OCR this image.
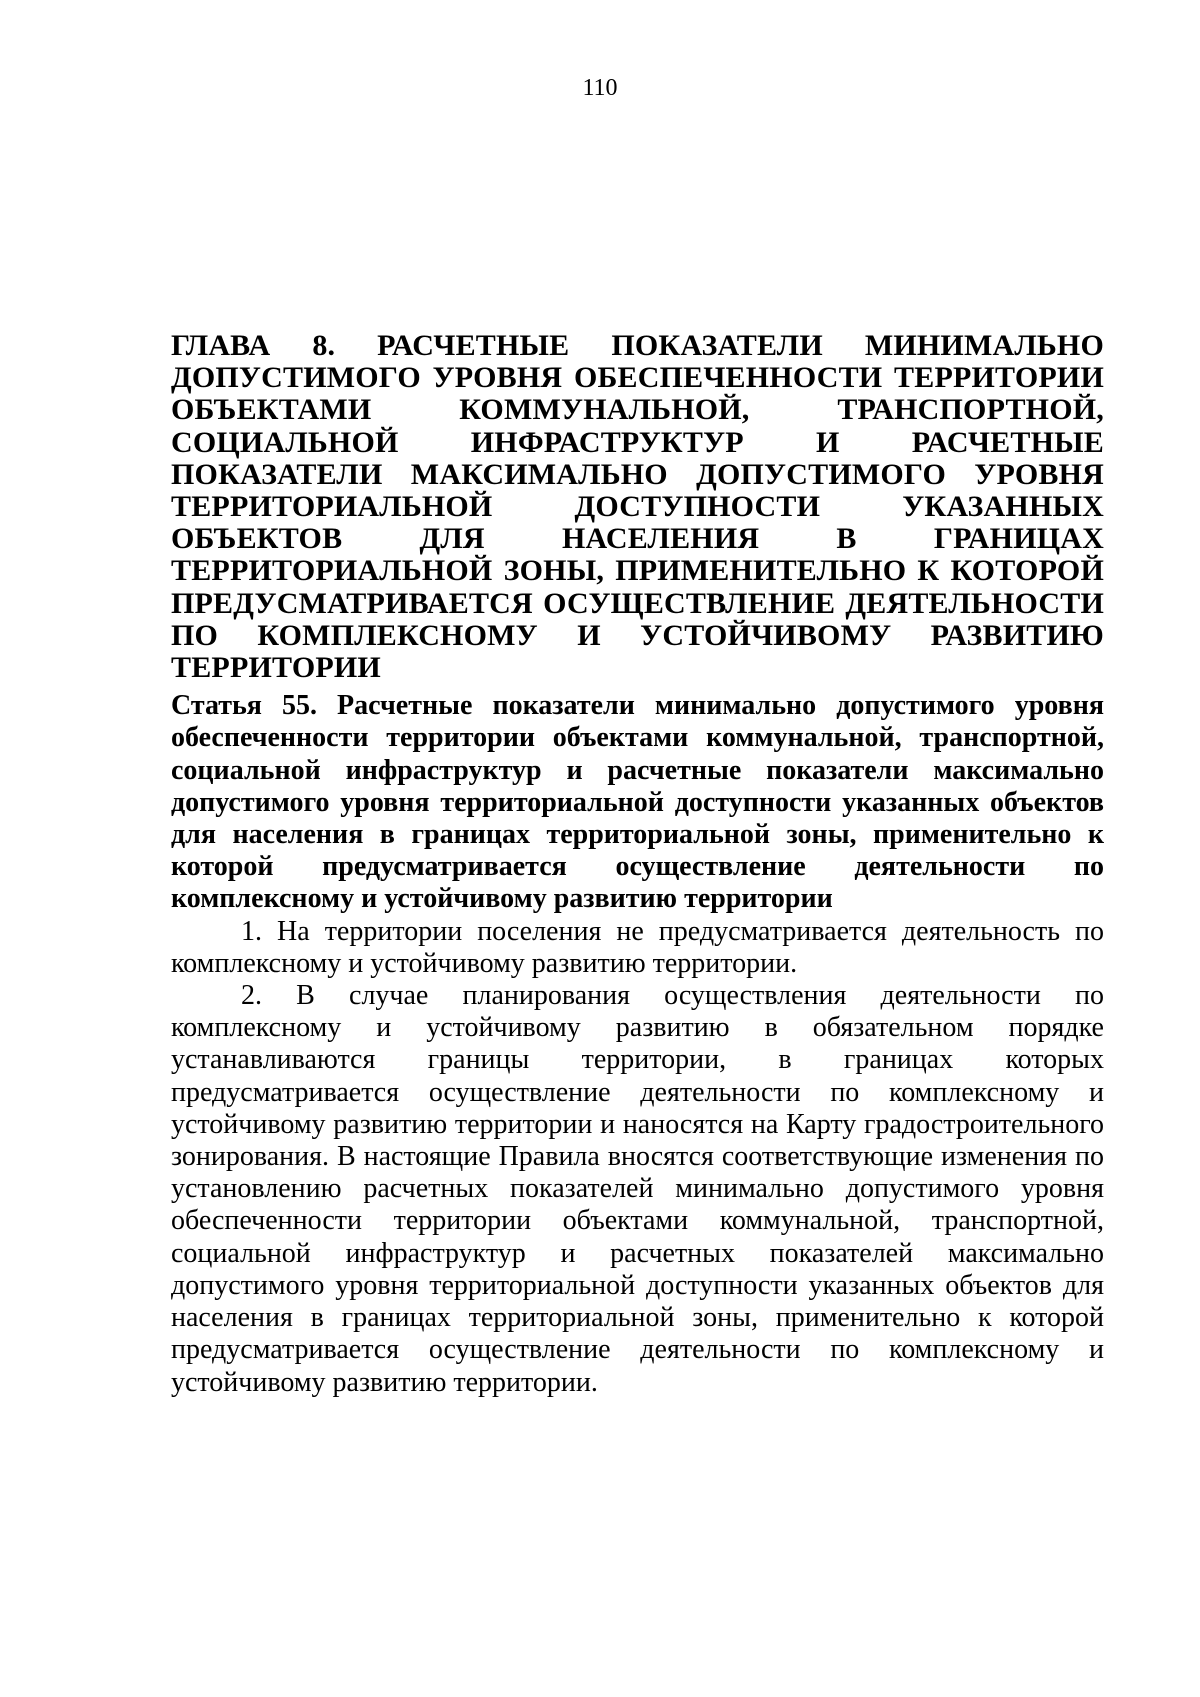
110
ГЛАВА 8. РАСЧЕТНЫЕ ПОКАЗАТЕЛИ МИНИМАЛЬНО ДОПУСТИМОГО УРОВНЯ ОБЕСПЕЧЕННОСТИ ТЕРРИТОРИИ ОБЪЕКТАМИ КОММУНАЛЬНОЙ, ТРАНСПОРТНОЙ, СОЦИАЛЬНОЙ ИНФРАСТРУКТУР И РАСЧЕТНЫЕ ПОКАЗАТЕЛИ МАКСИМАЛЬНО ДОПУСТИМОГО УРОВНЯ ТЕРРИТОРИАЛЬНОЙ ДОСТУПНОСТИ УКАЗАННЫХ ОБЪЕКТОВ ДЛЯ НАСЕЛЕНИЯ В ГРАНИЦАХ ТЕРРИТОРИАЛЬНОЙ ЗОНЫ, ПРИМЕНИТЕЛЬНО К КОТОРОЙ ПРЕДУСМАТРИВАЕТСЯ ОСУЩЕСТВЛЕНИЕ ДЕЯТЕЛЬНОСТИ ПО КОМПЛЕКСНОМУ И УСТОЙЧИВОМУ РАЗВИТИЮ ТЕРРИТОРИИ
Статья 55. Расчетные показатели минимально допустимого уровня обеспеченности территории объектами коммунальной, транспортной, социальной инфраструктур и расчетные показатели максимально допустимого уровня территориальной доступности указанных объектов для населения в границах территориальной зоны, применительно к которой предусматривается осуществление деятельности по комплексному и устойчивому развитию территории

1. На территории поселения не предусматривается деятельность по комплексному и устойчивому развитию территории.

2. В случае планирования осуществления деятельности по комплексному и устойчивому развитию в обязательном порядке устанавливаются границы территории, в границах которых предусматривается осуществление деятельности по комплексному и устойчивому развитию территории и наносятся на Карту градостроительного зонирования. В настоящие Правила вносятся соответствующие изменения по установлению расчетных показателей минимально допустимого уровня обеспеченности территории объектами коммунальной, транспортной, социальной инфраструктур и расчетных показателей максимально допустимого уровня территориальной доступности указанных объектов для населения в границах территориальной зоны, применительно к которой предусматривается осуществление деятельности по комплексному и устойчивому развитию территории.
